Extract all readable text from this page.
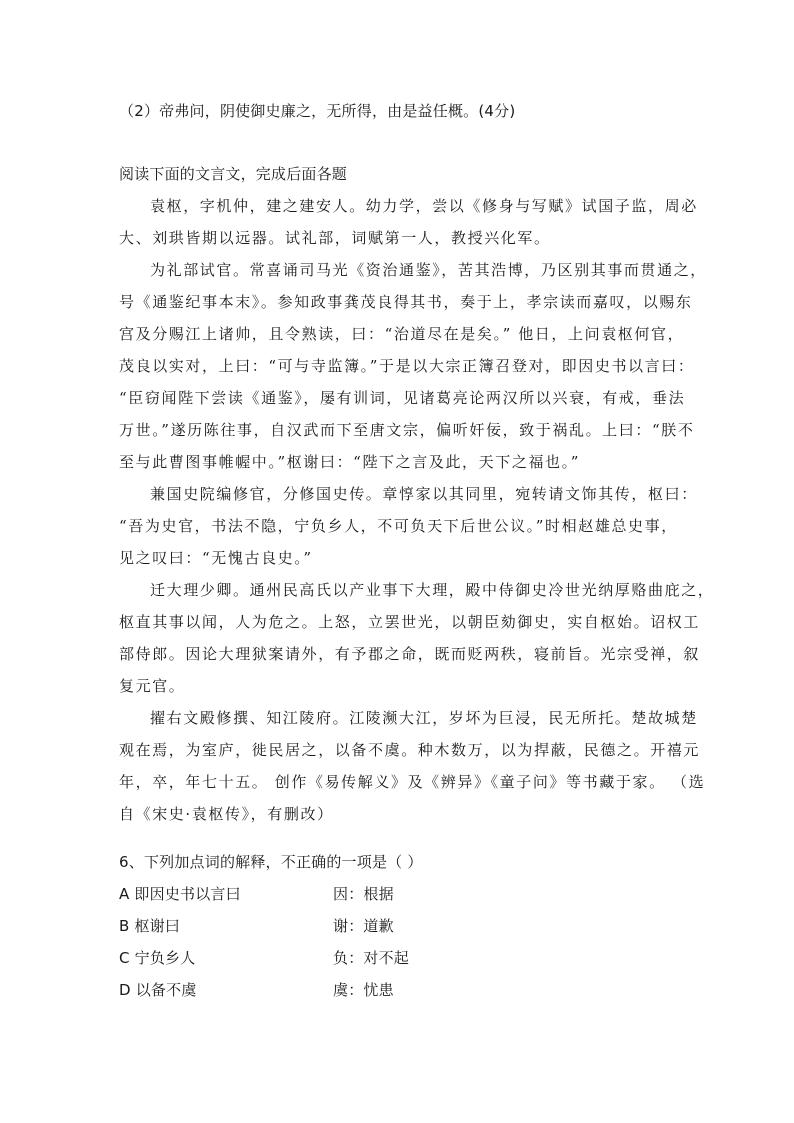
（2）帝弗问，阴使御史廉之，无所得，由是益任概。(4分)
阅读下面的文言文，完成后面各题
袁枢，字机仲，建之建安人。幼力学，尝以《修身与写赋》试国子监，周必
大、刘珙皆期以远器。试礼部，词赋第一人，教授兴化军。
为礼部试官。常喜诵司马光《资治通鉴》，苦其浩博，乃区别其事而贯通之，
号《通鉴纪事本末》。参知政事龚茂良得其书，奏于上，孝宗读而嘉叹，以赐东
宫及分赐江上诸帅，且令熟读，曰：“治道尽在是矣。” 他日，上问袁枢何官，
茂良以实对，上曰：“可与寺监簿。”于是以大宗正簿召登对，即因史书以言曰：
“臣窃闻陛下尝读《通鉴》，屡有训词，见诸葛亮论两汉所以兴衰，有戒，垂法
万世。”遂历陈往事，自汉武而下至唐文宗，偏听奸佞，致于祸乱。上曰：“朕不
至与此曹图事帷幄中。”枢谢曰：“陛下之言及此，天下之福也。”
兼国史院编修官，分修国史传。章惇家以其同里，宛转请文饰其传，枢曰：
“吾为史官，书法不隐，宁负乡人，不可负天下后世公议。”时相赵雄总史事，
见之叹曰：“无愧古良史。”
迁大理少卿。通州民高氏以产业事下大理，殿中侍御史冷世光纳厚赂曲庇之，
枢直其事以闻，人为危之。上怒，立罢世光，以朝臣劾御史，实自枢始。诏权工
部侍郎。因论大理狱案请外，有予郡之命，既而贬两秩，寝前旨。光宗受禅，叙
复元官。
擢右文殿修撰、知江陵府。江陵濒大江，岁坏为巨浸，民无所托。楚故城楚
观在焉，为室庐，徙民居之，以备不虞。种木数万，以为捍蔽，民德之。开禧元
年，卒，年七十五。 创作《易传解义》及《辨异》《童子问》等书藏于家。 （选
自《宋史·袁枢传》，有删改）
6、下列加点词的解释，不正确的一项是（ ）
A 即因史书以言曰	因：根据
B 枢谢曰	谢：道歉
C 宁负乡人	负：对不起
D 以备不虞	虞：忧患
